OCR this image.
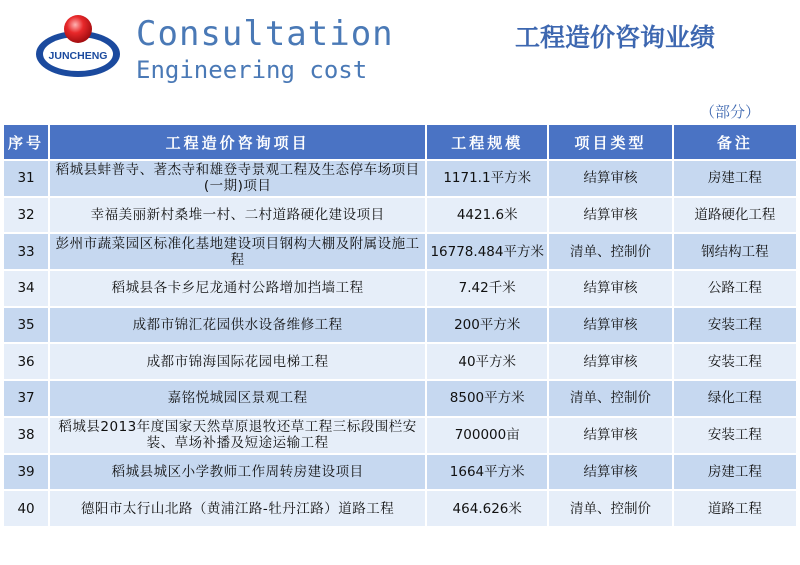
JUNCHENG
Consultation
Engineering cost
工程造价咨询业绩
（部分）
序号	工程造价咨询项目	工程规模	项目类型	备注
31	稻城县蚌普寺、著杰寺和雄登寺景观工程及生态停车场项目(一期)项目	1171.1平方米	结算审核	房建工程
32	幸福美丽新村桑堆一村、二村道路硬化建设项目	4421.6米	结算审核	道路硬化工程
33	彭州市蔬菜园区标准化基地建设项目钢构大棚及附属设施工程	16778.484平方米	清单、控制价	钢结构工程
34	稻城县各卡乡尼龙通村公路增加挡墙工程	7.42千米	结算审核	公路工程
35	成都市锦汇花园供水设备维修工程	200平方米	结算审核	安装工程
36	成都市锦海国际花园电梯工程	40平方米	结算审核	安装工程
37	嘉铭悦城园区景观工程	8500平方米	清单、控制价	绿化工程
38	稻城县2013年度国家天然草原退牧还草工程三标段围栏安装、草场补播及短途运输工程	700000亩	结算审核	安装工程
39	稻城县城区小学教师工作周转房建设项目	1664平方米	结算审核	房建工程
40	德阳市太行山北路（黄浦江路-牡丹江路）道路工程	464.626米	清单、控制价	道路工程
